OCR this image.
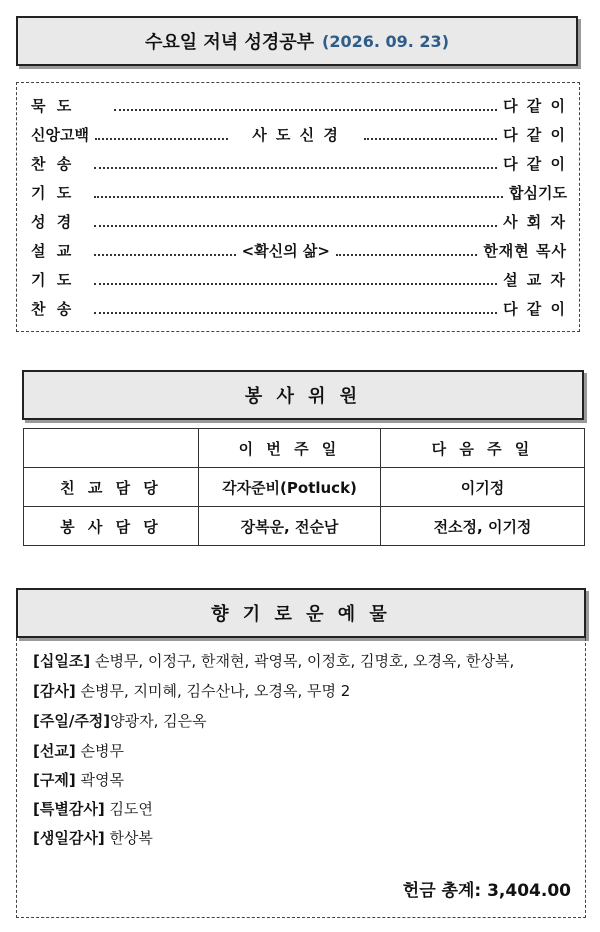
수요일 저녁 성경공부 (2026. 09. 23)
묵 도	다 같 이
신앙고백	사 도 신 경	다 같 이
찬 송	다 같 이
기 도	합심기도
성 경	사 회 자
설 교	<확신의 삶>	한재현 목사
기 도	설 교 자
찬 송	다 같 이
봉 사 위 원
	이 번 주 일	다 음 주 일
친 교 담 당	각자준비(Potluck)	이기정
봉 사 담 당	장복운, 전순남	전소정, 이기정
향 기 로 운 예 물
[십일조] 손병무, 이정구, 한재현, 곽영목, 이정호, 김명호, 오경옥, 한상복,
[감사] 손병무, 지미혜, 김수산나, 오경옥, 무명 2
[주일/주정]양광자, 김은옥
[선교] 손병무
[구제] 곽영목
[특별감사] 김도연
[생일감사] 한상복
헌금 총계: 3,404.00
